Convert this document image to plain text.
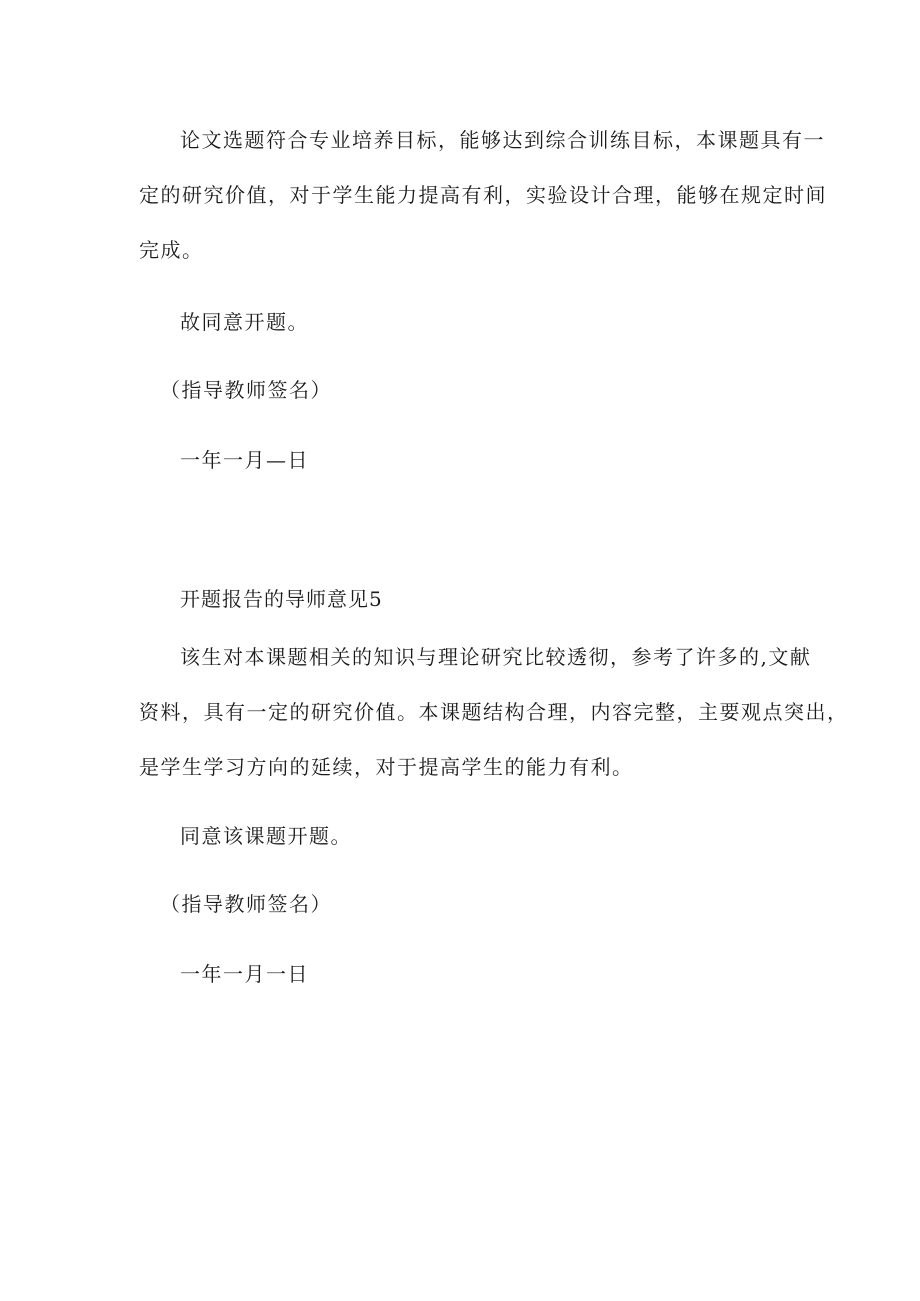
论文选题符合专业培养目标，能够达到综合训练目标，本课题具有一
定的研究价值，对于学生能力提高有利，实验设计合理，能够在规定时间
完成。
故同意开题。
（指导教师签名）
一年一月—日
开题报告的导师意见5
该生对本课题相关的知识与理论研究比较透彻，参考了许多的,文献
资料，具有一定的研究价值。本课题结构合理，内容完整，主要观点突出，
是学生学习方向的延续，对于提高学生的能力有利。
同意该课题开题。
（指导教师签名）
一年一月一日
